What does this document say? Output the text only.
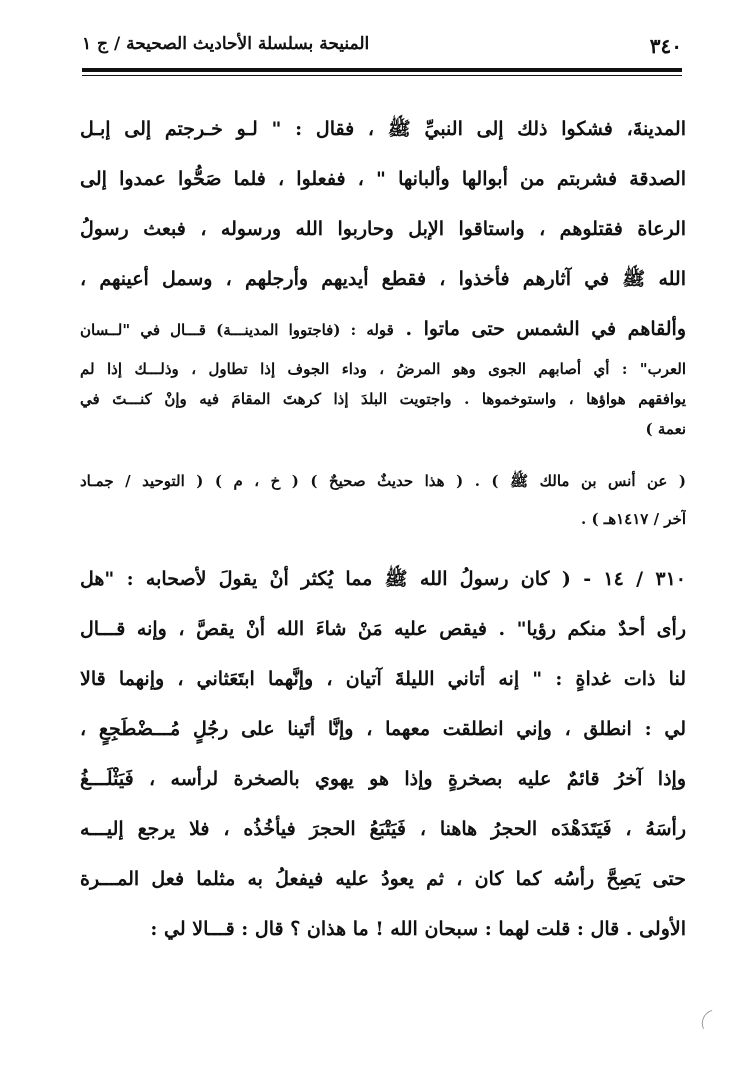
٣٤٠
المنيحة بسلسلة الأحاديث الصحيحة / ج ١

المدينةَ، فشكوا ذلك إلى النبيِّ ﷺ ، فقال : " لـو خـرجتم إلى إبـل

الصدقة فشربتم من أبوالها وألبانها " ، ففعلوا ، فلما صَحُّوا عمدوا إلى

الرعاة فقتلوهم ، واستاقوا الإبل وحاربوا الله ورسوله ، فبعث رسولُ

الله ﷺ في آثارهم فأخذوا ، فقطع أيديهم وأرجلهم ، وسمل أعينهم ،

وألقاهم في الشمس حتى ماتوا . قوله : (فاجتووا المدينـــة) قـــال في "لــسان

العرب" : أي أصابهم الجوى وهو المرضُ ، وداء الجوف إذا تطاول ، وذلـــك إذا لم

يوافقهم هواؤها ، واستوخموها . واجتويت البلدَ إذا كرهتَ المقامَ فيه وإنْ كنـــتَ في

نعمة )

( عن أنس بن مالك ﷺ ) . ( هذا حديثٌ صحيحٌ ) ( خ ، م ) ( التوحيد / جمـاد

آخر / ١٤١٧هـ ) .

٣١٠ / ١٤ - ( كان رسولُ الله ﷺ مما يُكثر أنْ يقولَ لأصحابه : "هل

رأى أحدٌ منكم رؤيا" . فيقص عليه مَنْ شاءَ الله أنْ يقصَّ ، وإنه قـــال

لنا ذات غداةٍ : " إنه أتاني الليلةَ آتيان ، وإنَّهما ابتَعَثاني ، وإنهما قالا

لي : انطلق ، وإني انطلقت معهما ، وإنَّا أتَينا على رجُلٍ مُـــضْطَجِعٍ ،

وإذا آخرُ قائمٌ عليه بصخرةٍ وإذا هو يهوي بالصخرة لرأسه ، فَيَثْلَـــغُ

رأسَهُ ، فَيَتَدَهْدَه الحجرُ هاهنا ، فَيَتْبَعُ الحجرَ فيأخُذُه ، فلا يرجع إليـــه

حتى يَصِحَّ رأسُه كما كان ، ثم يعودُ عليه فيفعلُ به مثلما فعل المـــرة

الأولى . قال : قلت لهما : سبحان الله ! ما هذان ؟ قال : قـــالا لي :
